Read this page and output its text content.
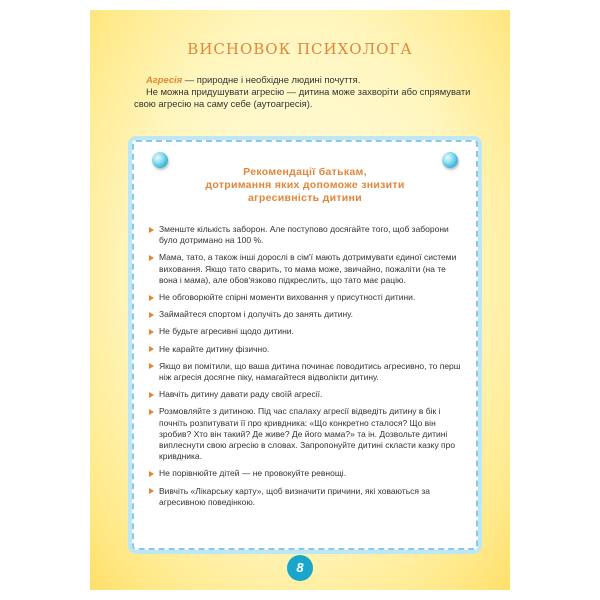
ВИСНОВОК ПСИХОЛОГА

Агресія — природне і необхідне людині почуття.

Не можна придушувати агресію — дитина може захворіти або спрямувати свою агресію на саму себе (аутоагресія).

Рекомендації батькам,
дотримання яких допоможе знизити
агресивність дитини
Зменште кількість заборон. Але поступово досягайте того, щоб заборони було дотримано на 100 %.
Мама, тато, а також інші дорослі в сім'ї мають дотримувати єдиної системи виховання. Якщо тато сварить, то мама може, звичайно, пожаліти (на те вона і мама), але обов'язково підкреслить, що тато має рацію.
Не обговорюйте спірні моменти виховання у присутності дитини.
Займайтеся спортом і долучіть до занять дитину.
Не будьте агресивні щодо дитини.
Не карайте дитину фізично.
Якщо ви помітили, що ваша дитина починає поводитись агресивно, то перш ніж агресія досягне піку, намагайтеся відволікти дитину.
Навчіть дитину давати раду своїй агресії.
Розмовляйте з дитиною. Під час спалаху агресії відведіть дитину в бік і почніть розпитувати її про кривдника: «Що конкретно сталося? Що він зробив? Хто він такий? Де живе? Де його мама?» та ін. Дозвольте дитині виплеснути свою агресію в словах. Запропонуйте дитині скласти казку про кривдника.
Не порівнюйте дітей — не провокуйте ревнощі.
Вивчіть «Лікарську карту», щоб визначити причини, які ховаються за агресивною поведінкою.
8
